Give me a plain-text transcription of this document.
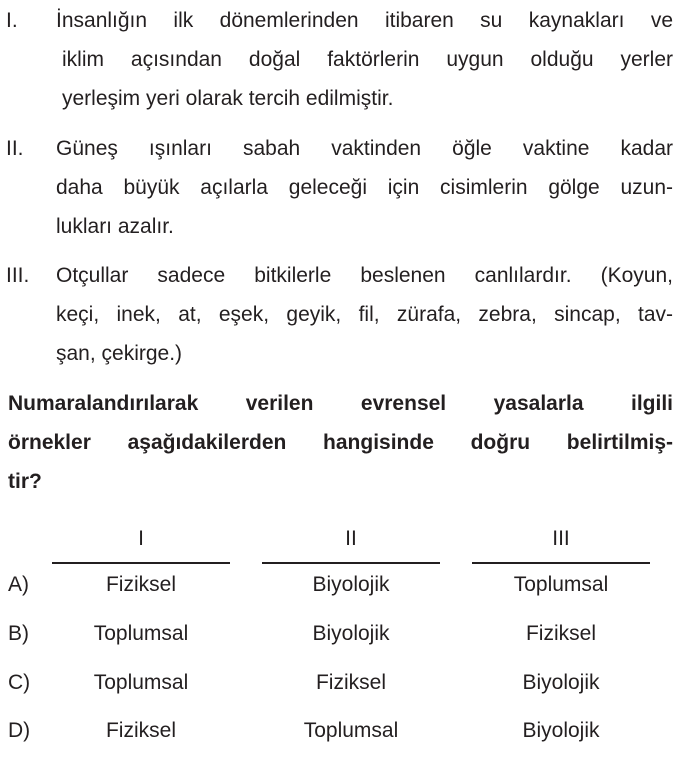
I. İnsanlığın ilk dönemlerinden itibaren su kaynakları ve
iklim açısından doğal faktörlerin uygun olduğu yerler
yerleşim yeri olarak tercih edilmiştir.
II. Güneş ışınları sabah vaktinden öğle vaktine kadar
daha büyük açılarla geleceği için cisimlerin gölge uzun-
lukları azalır.
III. Otçullar sadece bitkilerle beslenen canlılardır. (Koyun,
keçi, inek, at, eşek, geyik, fil, zürafa, zebra, sincap, tav-
şan, çekirge.)
Numaralandırılarak verilen evrensel yasalarla ilgili
örnekler aşağıdakilerden hangisinde doğru belirtilmiş-
tir?
I	II	III
A)	Fiziksel	Biyolojik	Toplumsal
B)	Toplumsal	Biyolojik	Fiziksel
C)	Toplumsal	Fiziksel	Biyolojik
D)	Fiziksel	Toplumsal	Biyolojik
